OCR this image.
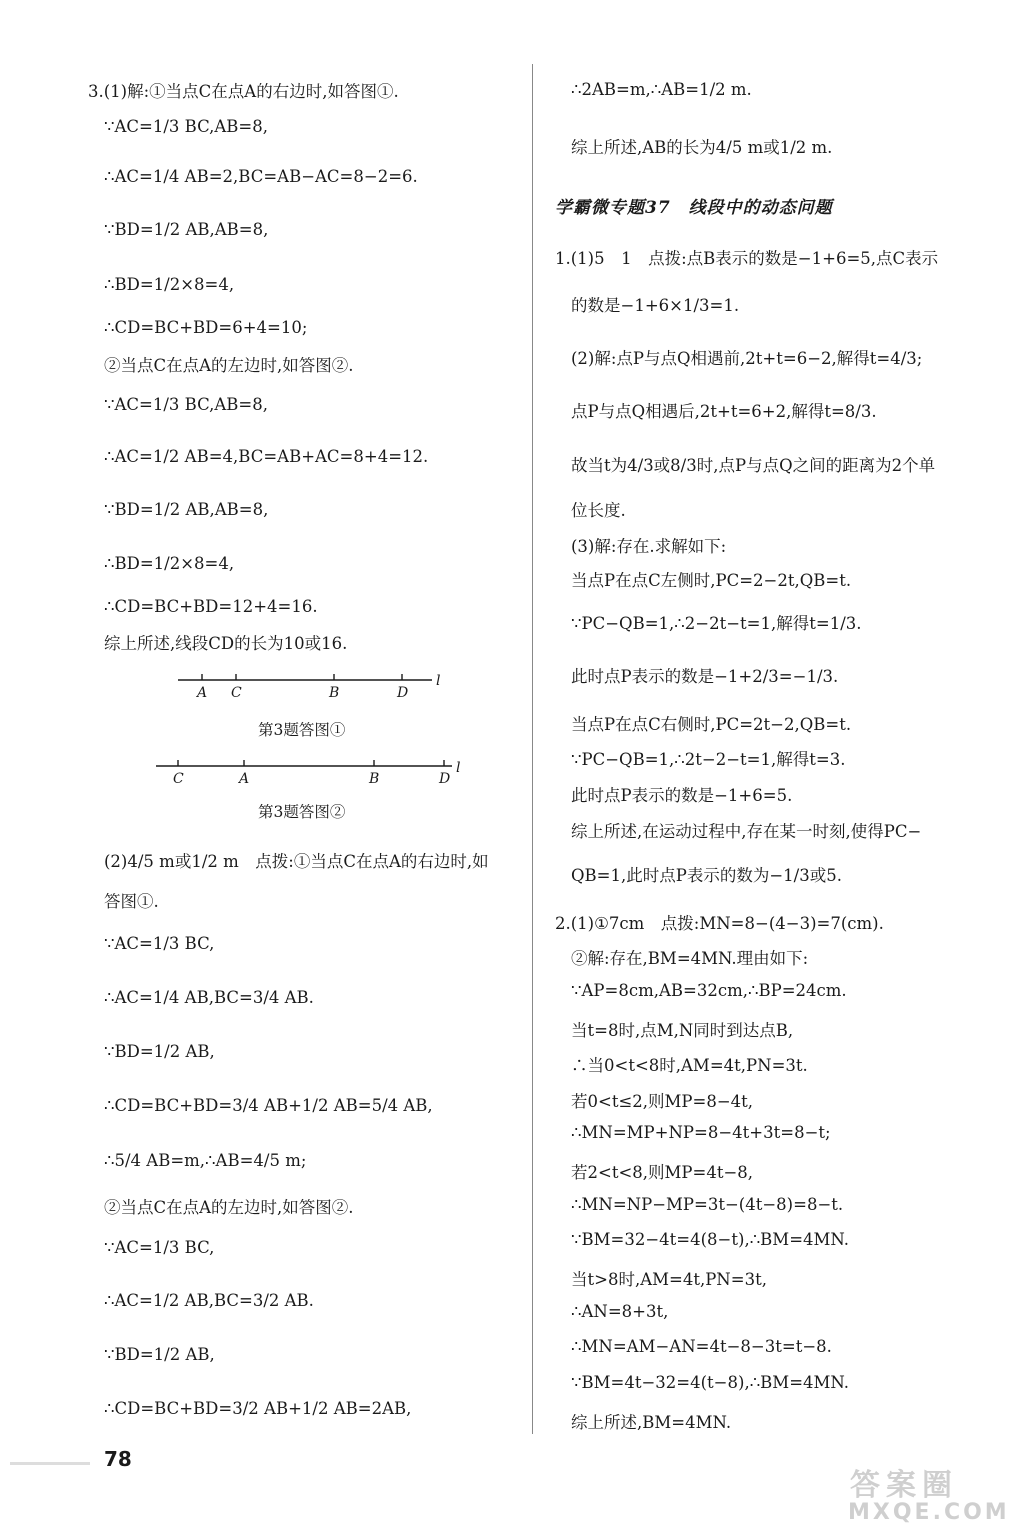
3.(1)解:①当点C在点A的右边时,如答图①.
∵AC=1/3 BC,AB=8,
∴AC=1/4 AB=2,BC=AB−AC=8−2=6.
∵BD=1/2 AB,AB=8,
∴BD=1/2×8=4,
∴CD=BC+BD=6+4=10;
②当点C在点A的左边时,如答图②.
∵AC=1/3 BC,AB=8,
∴AC=1/2 AB=4,BC=AB+AC=8+4=12.
∵BD=1/2 AB,AB=8,
∴BD=1/2×8=4,
∴CD=BC+BD=12+4=16.
综上所述,线段CD的长为10或16.
A C	B	D
l
第3题答图①
C	A	B	D
l
第3题答图②
(2)4/5 m或1/2 m　点拨:①当点C在点A的右边时,如
答图①.
∵AC=1/3 BC,
∴AC=1/4 AB,BC=3/4 AB.
∵BD=1/2 AB,
∴CD=BC+BD=3/4 AB+1/2 AB=5/4 AB,
∴5/4 AB=m,∴AB=4/5 m;
②当点C在点A的左边时,如答图②.
∵AC=1/3 BC,
∴AC=1/2 AB,BC=3/2 AB.
∵BD=1/2 AB,
∴CD=BC+BD=3/2 AB+1/2 AB=2AB,
∴2AB=m,∴AB=1/2 m.
综上所述,AB的长为4/5 m或1/2 m.
学霸微专题37　线段中的动态问题
1.(1)5　1　点拨:点B表示的数是−1+6=5,点C表示
的数是−1+6×1/3=1.
(2)解:点P与点Q相遇前,2t+t=6−2,解得t=4/3;
点P与点Q相遇后,2t+t=6+2,解得t=8/3.
故当t为4/3或8/3时,点P与点Q之间的距离为2个单
位长度.
(3)解:存在.求解如下:
当点P在点C左侧时,PC=2−2t,QB=t.
∵PC−QB=1,∴2−2t−t=1,解得t=1/3.
此时点P表示的数是−1+2/3=−1/3.
当点P在点C右侧时,PC=2t−2,QB=t.
∵PC−QB=1,∴2t−2−t=1,解得t=3.
此时点P表示的数是−1+6=5.
综上所述,在运动过程中,存在某一时刻,使得PC−
QB=1,此时点P表示的数为−1/3或5.
2.(1)①7cm　点拨:MN=8−(4−3)=7(cm).
②解:存在,BM=4MN.理由如下:
∵AP=8cm,AB=32cm,∴BP=24cm.
当t=8时,点M,N同时到达点B,
∴当0<t<8时,AM=4t,PN=3t.
若0<t≤2,则MP=8−4t,
∴MN=MP+NP=8−4t+3t=8−t;
若2<t<8,则MP=4t−8,
∴MN=NP−MP=3t−(4t−8)=8−t.
∵BM=32−4t=4(8−t),∴BM=4MN.
当t>8时,AM=4t,PN=3t,
∴AN=8+3t,
∴MN=AM−AN=4t−8−3t=t−8.
∵BM=4t−32=4(t−8),∴BM=4MN.
综上所述,BM=4MN.
78
答案圈
MXQE.COM
